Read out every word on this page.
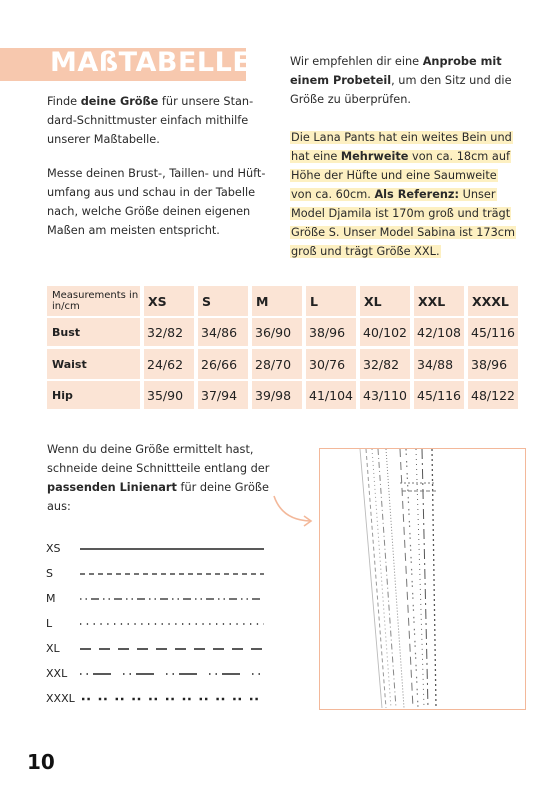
MAßTABELLE

Finde deine Größe für unsere Standard-Schnittmuster einfach mithilfe unserer Maßtabelle.

Messe deinen Brust-, Taillen- und Hüftumfang aus und schau in der Tabelle nach, welche Größe deinen eigenen Maßen am meisten entspricht.

Wir empfehlen dir eine Anprobe mit einem Probeteil, um den Sitz und die Größe zu überprüfen.

Die Lana Pants hat ein weites Bein und hat eine Mehrweite von ca. 18cm auf Höhe der Hüfte und eine Saumweite von ca. 60cm. Als Referenz: Unser Model Djamila ist 170m groß und trägt Größe S. Unser Model Sabina ist 173cm groß und trägt Größe XXL.

Measurements in in/cm	XS	S	M	L	XL	XXL	XXXL
Bust	32/82	34/86	36/90	38/96	40/102 42/108 45/116
Waist	24/62	26/66	28/70	30/76	32/82	34/88	38/96
Hip	35/90	37/94	39/98	41/104 43/110 45/116 48/122

Wenn du deine Größe ermittelt hast, schneide deine Schnittteile entlang der passenden Linienart für deine Größe aus:

XS
S
M
L
XL
XXL
XXXL
10
